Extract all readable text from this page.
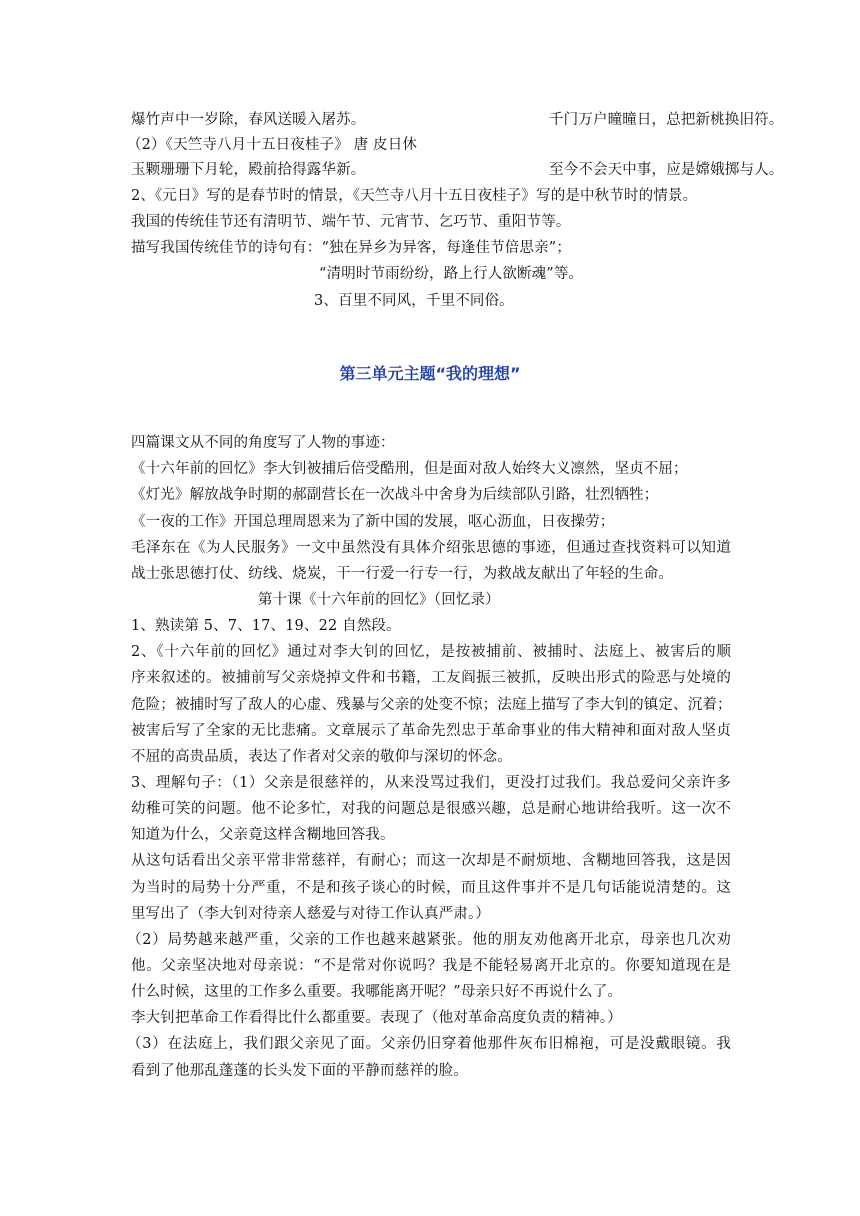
爆竹声中一岁除，春风送暖入屠苏。	千门万户曈曈日，总把新桃换旧符。
（2）《天竺寺八月十五日夜桂子》 唐 皮日休
玉颗珊珊下月轮，殿前拾得露华新。	至今不会天中事，应是嫦娥掷与人。
2、《元日》写的是春节时的情景，《天竺寺八月十五日夜桂子》写的是中秋节时的情景。
我国的传统佳节还有清明节、端午节、元宵节、乞巧节、重阳节等。
描写我国传统佳节的诗句有：“独在异乡为异客，每逢佳节倍思亲”；
“清明时节雨纷纷，路上行人欲断魂”等。
3、百里不同风，千里不同俗。
第三单元主题“我的理想”
四篇课文从不同的角度写了人物的事迹：
《十六年前的回忆》李大钊被捕后倍受酷刑，但是面对敌人始终大义凛然，坚贞不屈；
《灯光》解放战争时期的郝副营长在一次战斗中舍身为后续部队引路，壮烈牺牲；
《一夜的工作》开国总理周恩来为了新中国的发展，呕心沥血，日夜操劳；
毛泽东在《为人民服务》一文中虽然没有具体介绍张思德的事迹，但通过查找资料可以知道
战士张思德打仗、纺线、烧炭，干一行爱一行专一行，为救战友献出了年轻的生命。
第十课《十六年前的回忆》（回忆录）
1、熟读第 5、7、17、19、22 自然段。
2、《十六年前的回忆》通过对李大钊的回忆，是按被捕前、被捕时、法庭上、被害后的顺
序来叙述的。被捕前写父亲烧掉文件和书籍，工友阎振三被抓，反映出形式的险恶与处境的
危险；被捕时写了敌人的心虚、残暴与父亲的处变不惊；法庭上描写了李大钊的镇定、沉着；
被害后写了全家的无比悲痛。文章展示了革命先烈忠于革命事业的伟大精神和面对敌人坚贞
不屈的高贵品质，表达了作者对父亲的敬仰与深切的怀念。
3、理解句子：（1）父亲是很慈祥的，从来没骂过我们，更没打过我们。我总爱问父亲许多
幼稚可笑的问题。他不论多忙，对我的问题总是很感兴趣，总是耐心地讲给我听。这一次不
知道为什么，父亲竟这样含糊地回答我。
从这句话看出父亲平常非常慈祥，有耐心；而这一次却是不耐烦地、含糊地回答我，这是因
为当时的局势十分严重，不是和孩子谈心的时候，而且这件事并不是几句话能说清楚的。这
里写出了（李大钊对待亲人慈爱与对待工作认真严肃。）
（2）局势越来越严重，父亲的工作也越来越紧张。他的朋友劝他离开北京，母亲也几次劝
他。父亲坚决地对母亲说：“不是常对你说吗？我是不能轻易离开北京的。你要知道现在是
什么时候，这里的工作多么重要。我哪能离开呢？”母亲只好不再说什么了。
李大钊把革命工作看得比什么都重要。表现了（他对革命高度负责的精神。）
（3）在法庭上，我们跟父亲见了面。父亲仍旧穿着他那件灰布旧棉袍，可是没戴眼镜。我
看到了他那乱蓬蓬的长头发下面的平静而慈祥的脸。
